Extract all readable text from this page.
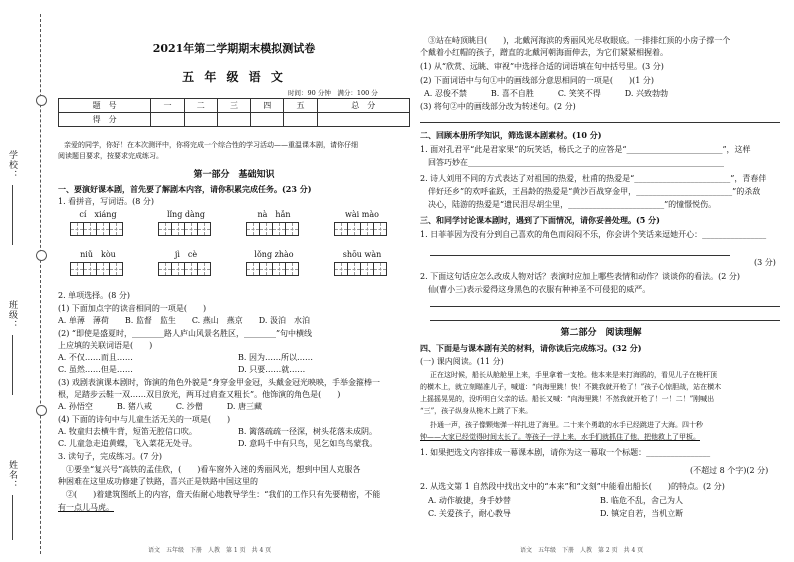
学校：
班级：
姓名：
2021年第二学期期末模拟测试卷
五 年 级 语 文
时间：90 分钟　满分：100 分
题　号	一	二	三	四	五	总　分
得　分						
亲爱的同学，你好！在本次测评中，你将完成一个综合性的学习活动——重温课本剧，请你仔细
阅读题目要求，按要求完成练习。
第一部分　基础知识
一、要演好课本剧，首先要了解剧本内容，请你积累完成任务。(23 分)
1. 看拼音，写词语。(8 分)
cí　xiáng	lǐng dàng	nà　hǎn	wài mào
niǔ　kòu	jì　cè	lǒng zhào	shōu wàn
2. 单项选择。(8 分)
(1) 下面加点字的读音相同的一项是(　　)
A. 单薄　薄荷　　B. 监督　监生　　C. 燕山　燕京　　D. 汲泊　水泊
(2) “即使是盛夏时，________路人庐山风景名胜区，________”句中横线
上应填的关联词语是(　　)
A. 不仅……而且……	B. 因为……所以……
C. 虽然……但是……	D. 只要……就……
(3) 戏剧表演课本剧时，饰演的角色外貌是“身穿金甲金冠，头戴金冠光映映，手举金箍棒一
根，足踏步云鞋一双……双目放光，两耳过肩查又粗长”。他饰演的角色是(　　)
A. 孙悟空　　　B. 猪八戒　　　C. 沙僧　　　D. 唐三藏
(4) 下面的诗句中与儿童生活无关的一项是(　　)
A. 牧童归去横牛背，短笛无腔信口吹。	B. 篱落疏疏一径深，树头花落未成阴。
C. 儿童急走追黄蝶，飞入菜花无处寻。	D. 意吗千中有只鸟，见乞如鸟鸟蒙我。
3. 读句子，完成练习。(7 分)
①要坐“复兴号”高铁的孟佳欣，(　　)看车窗外入迷的秀丽风光，想到中国人克服各
种困难在这里成功修建了铁路，喜兴正是铁路中国这里的
②(　　)着建筑图纸上的内容，詹天佑耐心地教导学生：“我们的工作只有先要精密，不能
有一点儿马虎。
语文　五年级　下册　人教　第 1 页　共 4 页
③站在峙顶眺目(　　)，北戴河海滨的秀丽风光尽收眼底。一排排红顶的小房子撑一个
个戴着小红帽的孩子，蹭直的北戴河朝海面伸去，为它们紧紧相握着。
(1) 从“欣赏、远眺、审视”中选择合适的词语填在句中括号里。(3 分)
(2) 下面词语中与句①中的画线部分意思相同的一项是(　　)(1 分)
A. 忍俊不禁　　　B. 喜不自胜　　　C. 笑笑不得　　　D. 兴致勃勃
(3) 将句②中的画线部分改为转述句。(2 分)
二、回顾本册所学知识，筛选课本剧素材。(10 分)
1. 面对孔君平“此是君家果”的玩笑话，杨氏之子的应答是“________________________”，这样
回答巧妙在________________________________________________________________
2. 诗人刘用不同的方式表达了对祖国的热爱，杜甫的热爱是“________________________”，青春伴
伴好还乡”的欢呼雀跃，王昌龄的热爱是“黄沙百战穿金甲，________________________”的杀敌
决心，陆游的热爱是“遗民泪尽胡尘里，________________________”的憧憬悦伤。
三、和同学讨论课本剧时，遇到了下面情况，请你妥善处理。(5 分)
1. 日菲菲因为没有分到自己喜欢的角色而闷闷不乐，你会讲个笑话来逗她开心：________________
(3 分)
2. 下面这句话应怎么改成人物对话？表演时应加上哪些表情和动作？谈谈你的看法。(2 分)
仙(曹小三)表示爱得这身黑色的衣服有种神圣不可侵犯的威严。
第二部分　阅读理解
四、下面是与课本剧有关的材料，请你读后完成练习。(32 分)
(一) 课内阅读。(11 分)
正在这时候，船长从舱舱里上来，手里拿着一支枪。他本来是来打海鸥的，看见儿子在桅杆顶
的横木上，就立刻瞄准儿子，喊道：“向海里跳！快！不跳我就开枪了！”孩子心惊胆战，站在横木
上摇摇晃晃的，没听明白父亲的话。船长又喊：“向海里跳！不然我就开枪了！一！二！”刚喊出
“三”，孩子纵身从桅木上跳了下来。
扑通一声，孩子像颗炮弹一样扎进了海里。二十来个勇敢的水手已经跳进了大海。四十秒
钟——大家已经觉得时间太长了。等孩子一浮上来，水手们就抓住了他，把他救上了甲板。
1. 如果把选文内容排成一幕课本剧，请你为这一幕取一个标题：________________
(不超过 8 个字)(2 分)
2. 从选文第 1 自然段中找出文中的“本来”和“文刻”中能看出船长(　　)的特点。(2 分)
A. 动作敏捷，身手妙替	B. 临危不乱，舍己为人
C. 关爱孩子，耐心教导	D. 镇定自若，当机立断
语文　五年级　下册　人教　第 2 页　共 4 页
